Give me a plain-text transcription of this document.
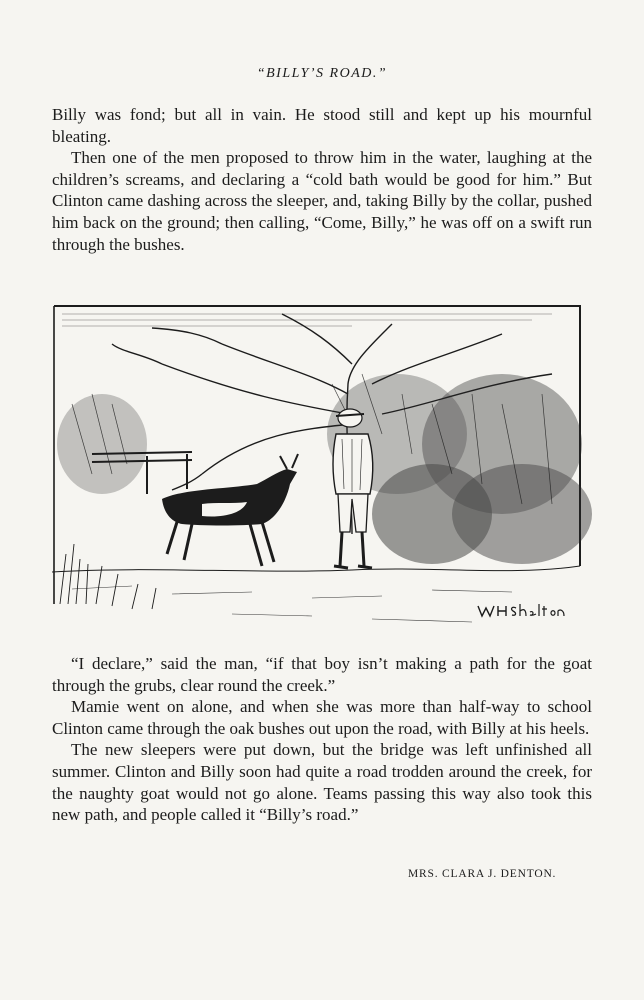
“BILLY’S ROAD.”

Billy was fond; but all in vain. He stood still and kept up his mournful bleating.

Then one of the men proposed to throw him in the water, laughing at the children’s screams, and declaring a “cold bath would be good for him.” But Clinton came dashing across the sleeper, and, taking Billy by the collar, pushed him back on the ground; then calling, “Come, Billy,” he was off on a swift run through the bushes.

“I declare,” said the man, “if that boy isn’t making a path for the goat through the grubs, clear round the creek.”

Mamie went on alone, and when she was more than half-way to school Clinton came through the oak bushes out upon the road, with Billy at his heels.

The new sleepers were put down, but the bridge was left unfinished all summer. Clinton and Billy soon had quite a road trodden around the creek, for the naughty goat would not go alone. Teams passing this way also took this new path, and people called it “Billy’s road.”

MRS. CLARA J. DENTON.
